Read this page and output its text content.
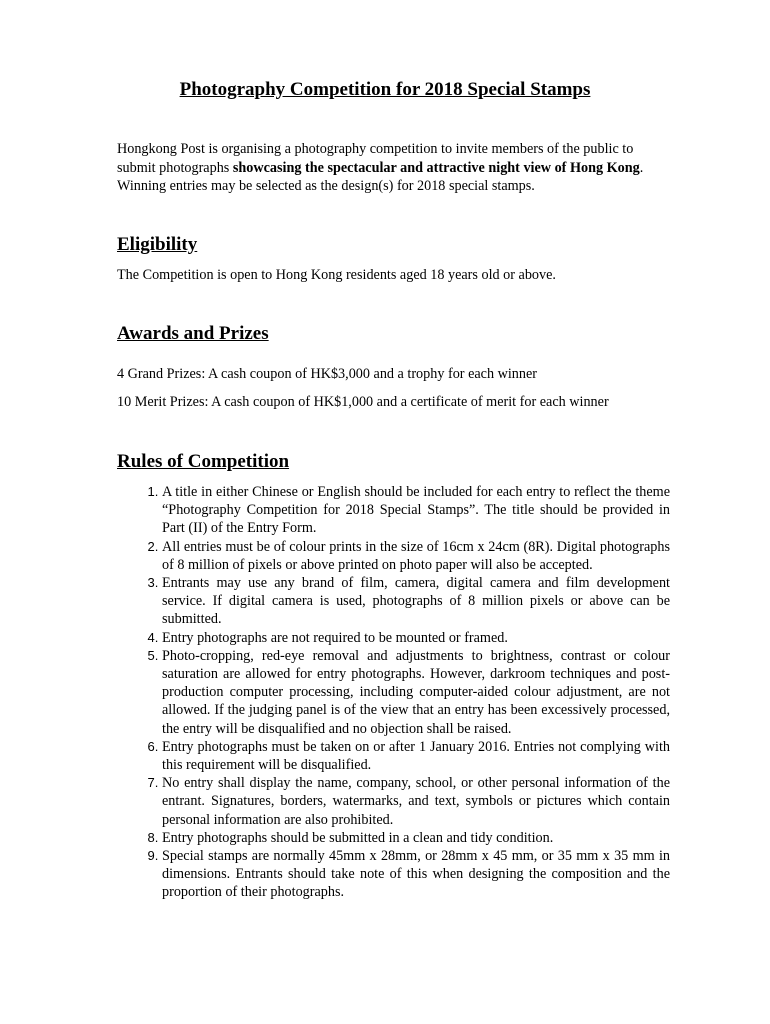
Photography Competition for 2018 Special Stamps

Hongkong Post is organising a photography competition to invite members of the public to submit photographs showcasing the spectacular and attractive night view of Hong Kong. Winning entries may be selected as the design(s) for 2018 special stamps.

Eligibility

The Competition is open to Hong Kong residents aged 18 years old or above.

Awards and Prizes

4 Grand Prizes: A cash coupon of HK$3,000 and a trophy for each winner

10 Merit Prizes: A cash coupon of HK$1,000 and a certificate of merit for each winner

Rules of Competition
1. A title in either Chinese or English should be included for each entry to reflect the theme “Photography Competition for 2018 Special Stamps”. The title should be provided in Part (II) of the Entry Form.
2. All entries must be of colour prints in the size of 16cm x 24cm (8R). Digital photographs of 8 million of pixels or above printed on photo paper will also be accepted.
3. Entrants may use any brand of film, camera, digital camera and film development service. If digital camera is used, photographs of 8 million pixels or above can be submitted.
4. Entry photographs are not required to be mounted or framed.
5. Photo-cropping, red-eye removal and adjustments to brightness, contrast or colour saturation are allowed for entry photographs. However, darkroom techniques and post-production computer processing, including computer-aided colour adjustment, are not allowed. If the judging panel is of the view that an entry has been excessively processed, the entry will be disqualified and no objection shall be raised.
6. Entry photographs must be taken on or after 1 January 2016. Entries not complying with this requirement will be disqualified.
7. No entry shall display the name, company, school, or other personal information of the entrant. Signatures, borders, watermarks, and text, symbols or pictures which contain personal information are also prohibited.
8. Entry photographs should be submitted in a clean and tidy condition.
9. Special stamps are normally 45mm x 28mm, or 28mm x 45 mm, or 35 mm x 35 mm in dimensions. Entrants should take note of this when designing the composition and the proportion of their photographs.
